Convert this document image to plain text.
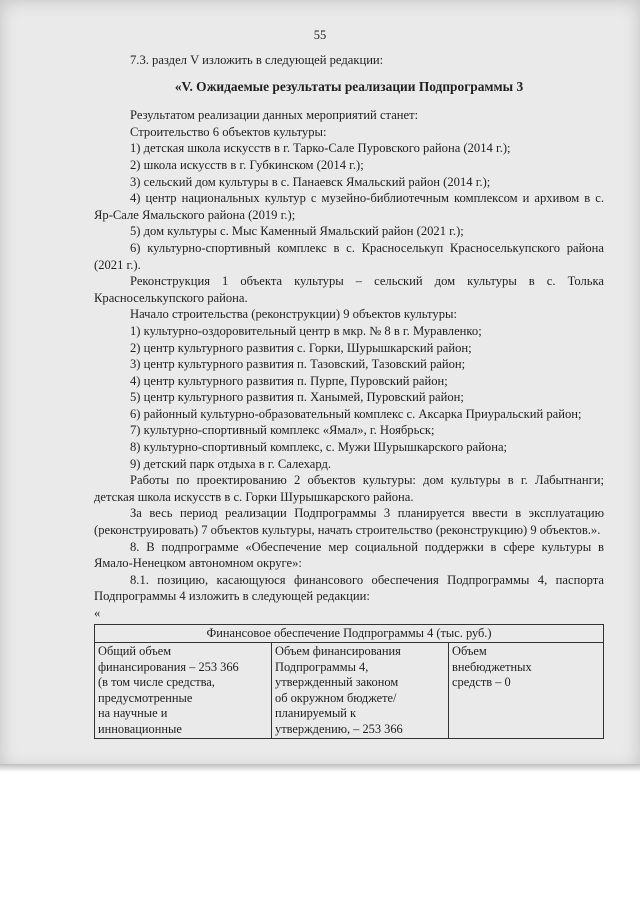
55

7.3. раздел V изложить в следующей редакции:

«V. Ожидаемые результаты реализации Подпрограммы 3

Результатом реализации данных мероприятий станет:

Строительство 6 объектов культуры:

1) детская школа искусств в г. Тарко-Сале Пуровского района (2014 г.);

2) школа искусств в г. Губкинском (2014 г.);

3) сельский дом культуры в с. Панаевск Ямальский район (2014 г.);

4) центр национальных культур с музейно-библиотечным комплексом и архивом в с. Яр-Сале Ямальского района (2019 г.);

5) дом культуры с. Мыс Каменный Ямальский район (2021 г.);

6) культурно-спортивный комплекс в с. Красноселькуп Красноселькупского района (2021 г.).

Реконструкция 1 объекта культуры – сельский дом культуры в с. Толька Красноселькупского района.

Начало строительства (реконструкции) 9 объектов культуры:

1) культурно-оздоровительный центр в мкр. № 8 в г. Муравленко;

2) центр культурного развития с. Горки, Шурышкарский район;

3) центр культурного развития п. Тазовский, Тазовский район;

4) центр культурного развития п. Пурпе, Пуровский район;

5) центр культурного развития п. Ханымей, Пуровский район;

6) районный культурно-образовательный комплекс с. Аксарка Приуральский район;

7) культурно-спортивный комплекс «Ямал», г. Ноябрьск;

8) культурно-спортивный комплекс, с. Мужи Шурышкарского района;

9) детский парк отдыха в г. Салехард.

Работы по проектированию 2 объектов культуры: дом культуры в г. Лабытнанги; детская школа искусств в с. Горки Шурышкарского района.

За весь период реализации Подпрограммы 3 планируется ввести в эксплуатацию (реконструировать) 7 объектов культуры, начать строительство (реконструкцию) 9 объектов.».

8. В подпрограмме «Обеспечение мер социальной поддержки в сфере культуры в Ямало-Ненецком автономном округе»:

8.1. позицию, касающуюся финансового обеспечения Подпрограммы 4, паспорта Подпрограммы 4 изложить в следующей редакции:

«

Финансовое обеспечение Подпрограммы 4 (тыс. руб.)

Общий объем
финансирования – 253 366
(в том числе средства,
предусмотренные
на научные и
инновационные

Объем финансирования
Подпрограммы 4,
утвержденный законом
об окружном бюджете/
планируемый к
утверждению, – 253 366

Объем
внебюджетных
средств – 0
